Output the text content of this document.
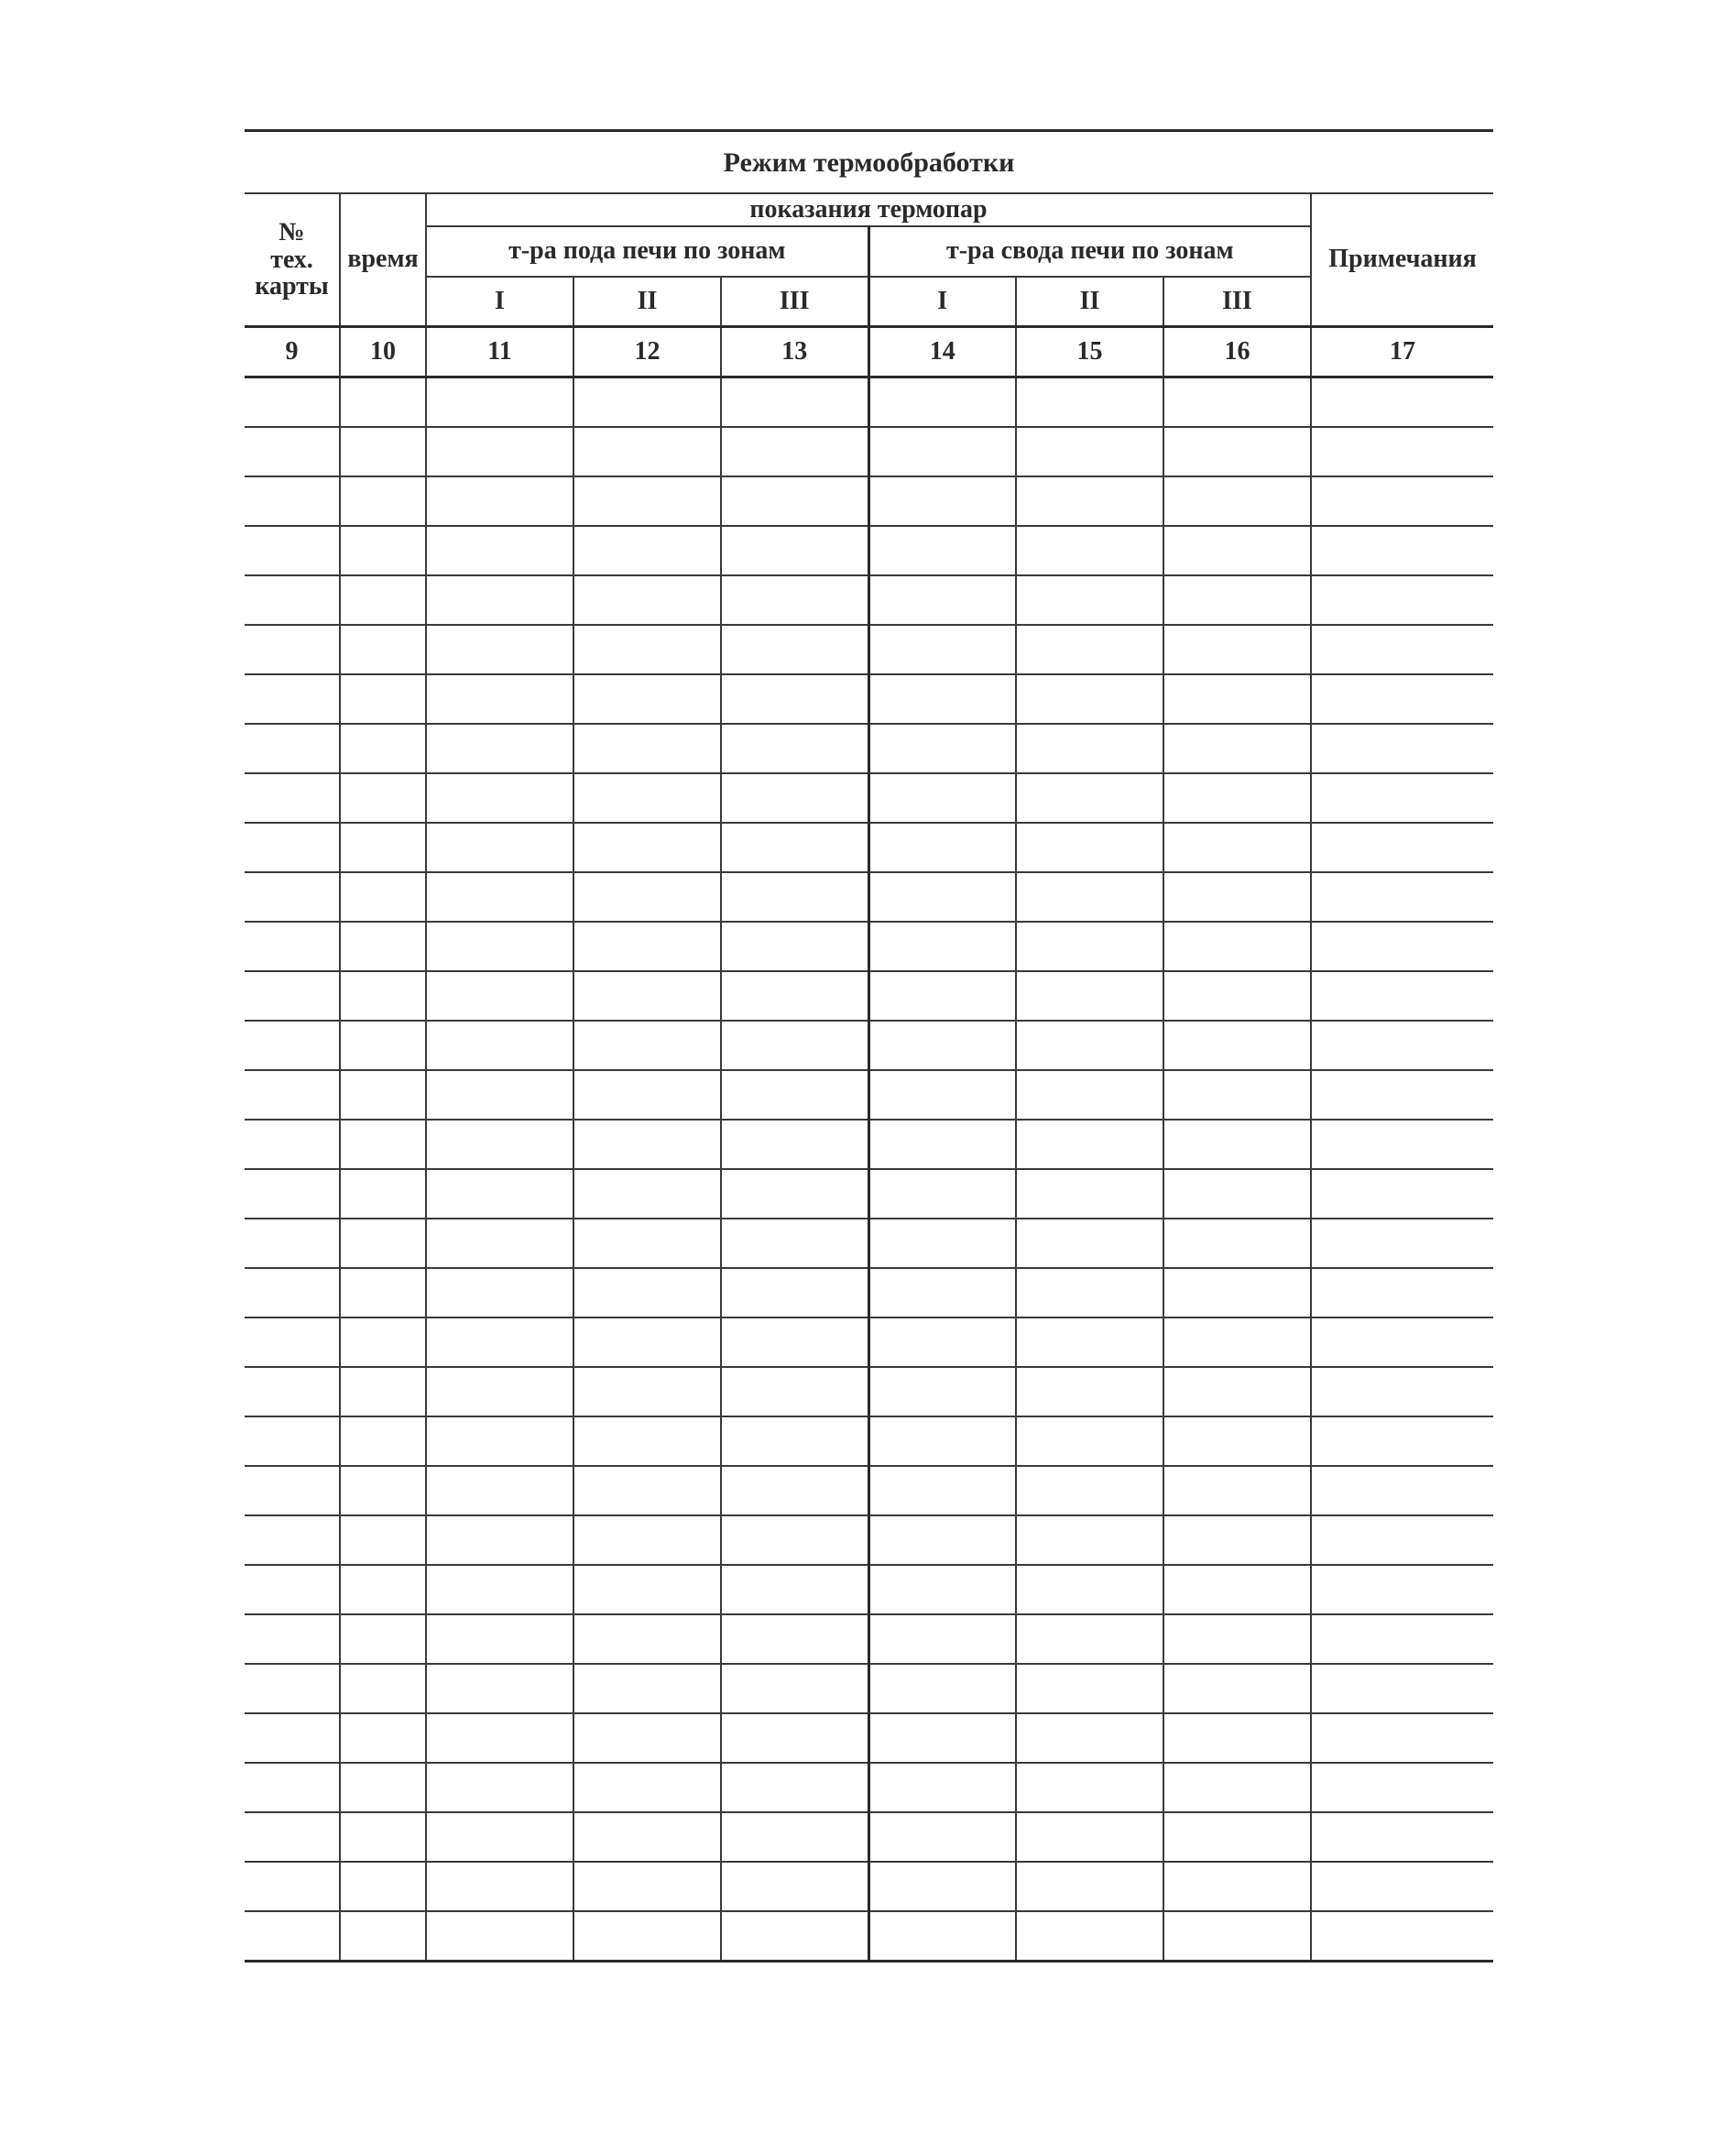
Режим термообработки								

№
тех.
карты	время	показания термопар						Примечания
		т-ра пода печи по зонам			т-ра свода печи по зонам			
		I	II	III	I	II	III	
9	10	11	12	13	14	15	16	17
